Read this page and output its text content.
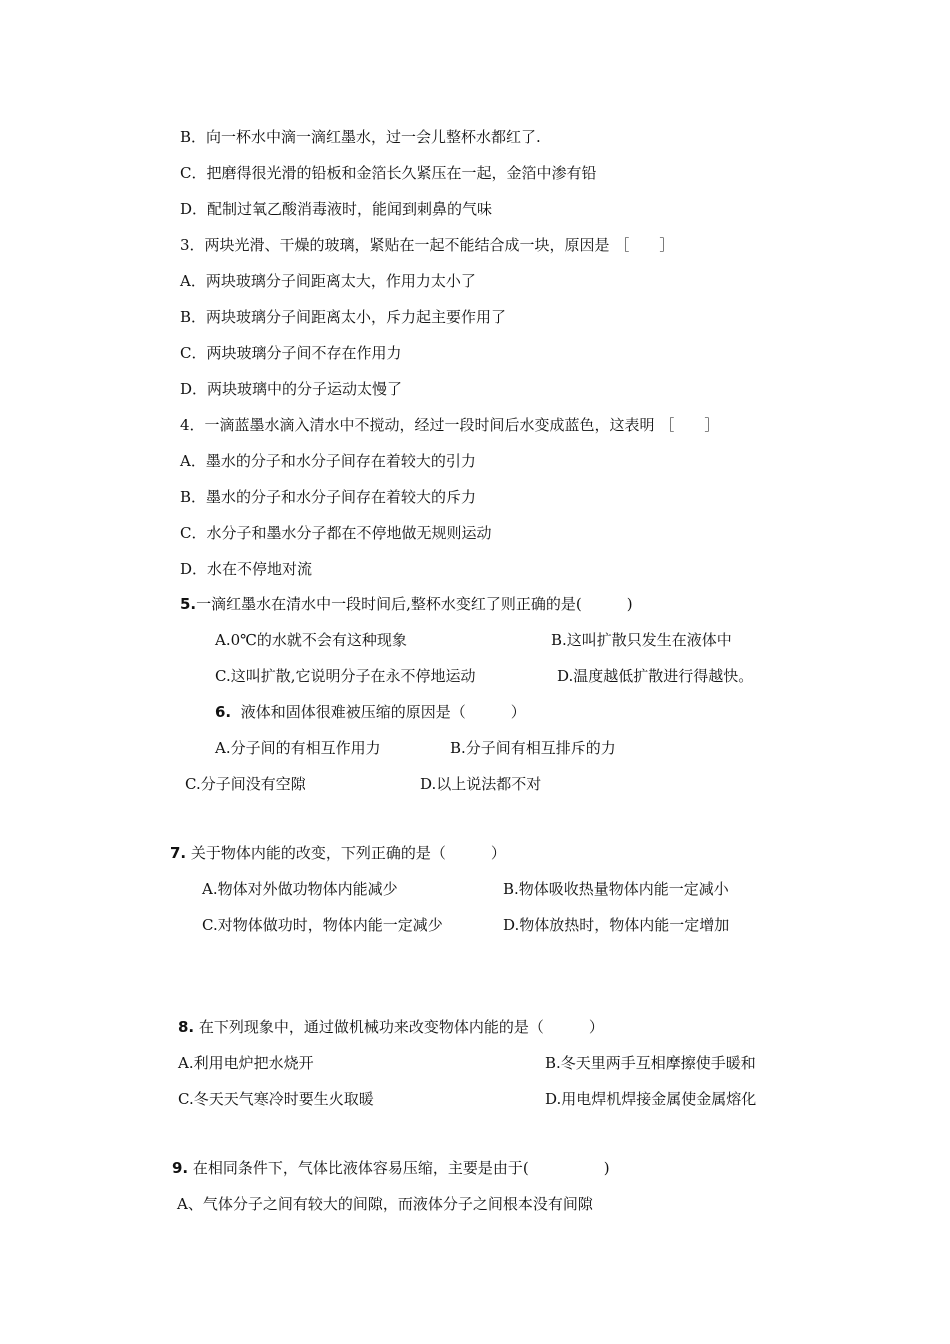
B．向一杯水中滴一滴红墨水，过一会儿整杯水都红了.
C．把磨得很光滑的铅板和金箔长久紧压在一起，金箔中渗有铅
D．配制过氧乙酸消毒液时，能闻到刺鼻的气味
3．两块光滑、干燥的玻璃，紧贴在一起不能结合成一块，原因是 ［　　］
A．两块玻璃分子间距离太大，作用力太小了
B．两块玻璃分子间距离太小，斥力起主要作用了
C．两块玻璃分子间不存在作用力
D．两块玻璃中的分子运动太慢了
4．一滴蓝墨水滴入清水中不搅动，经过一段时间后水变成蓝色，这表明 ［　　］
A．墨水的分子和水分子间存在着较大的引力
B．墨水的分子和水分子间存在着较大的斥力
C．水分子和墨水分子都在不停地做无规则运动
D．水在不停地对流
5.一滴红墨水在清水中一段时间后,整杯水变红了则正确的是(　　　)
A.0℃的水就不会有这种现象	B.这叫扩散只发生在液体中
C.这叫扩散,它说明分子在永不停地运动	D.温度越低扩散进行得越快。
6. 液体和固体很难被压缩的原因是（　　　）
A.分子间的有相互作用力	B.分子间有相互排斥的力
C.分子间没有空隙	D.以上说法都不对
7. 关于物体内能的改变，下列正确的是（　　　）
A.物体对外做功物体内能减少	B.物体吸收热量物体内能一定减小
C.对物体做功时，物体内能一定减少	D.物体放热时，物体内能一定增加
8. 在下列现象中，通过做机械功来改变物体内能的是（　　　）
A.利用电炉把水烧开	B.冬天里两手互相摩擦使手暖和
C.冬天天气寒冷时要生火取暖	D.用电焊机焊接金属使金属熔化
9. 在相同条件下，气体比液体容易压缩，主要是由于(　　　　　)
A、气体分子之间有较大的间隙，而液体分子之间根本没有间隙
